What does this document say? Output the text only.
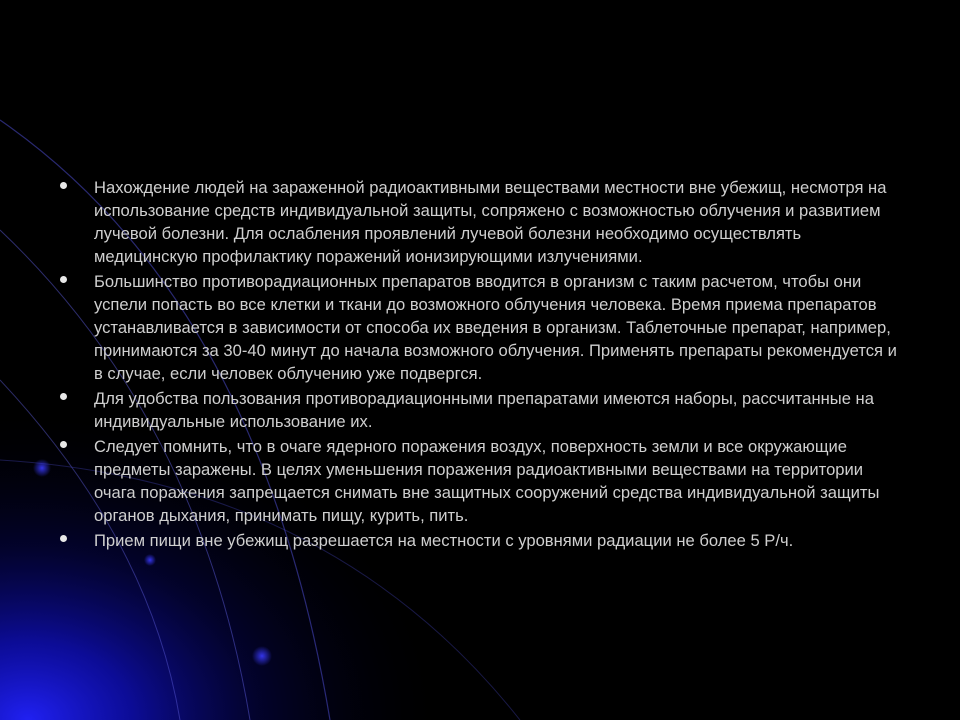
Нахождение людей на зараженной радиоактивными веществами местности вне убежищ, несмотря на использование средств индивидуальной защиты, сопряжено с возможностью облучения и развитием лучевой болезни. Для ослабления проявлений лучевой болезни необходимо осуществлять медицинскую профилактику поражений ионизирующими излучениями.
Большинство противорадиационных препаратов вводится в организм с таким расчетом, чтобы они успели попасть во все клетки и ткани до возможного облучения человека. Время приема препаратов устанавливается в зависимости от способа их введения в организм. Таблеточные препарат, например, принимаются за 30-40 минут до начала возможного облучения. Применять препараты рекомендуется и в случае, если человек облучению уже подвергся.
Для удобства пользования противорадиационными препаратами имеются наборы, рассчитанные на индивидуальные использование их.
Следует помнить, что в очаге ядерного поражения воздух, поверхность земли и все окружающие предметы заражены. В целях уменьшения поражения радиоактивными веществами на территории очага поражения запрещается снимать вне защитных сооружений средства индивидуальной защиты органов дыхания, принимать пищу, курить, пить.
Прием пищи вне убежищ разрешается на местности с уровнями радиации не более 5 Р/ч.
